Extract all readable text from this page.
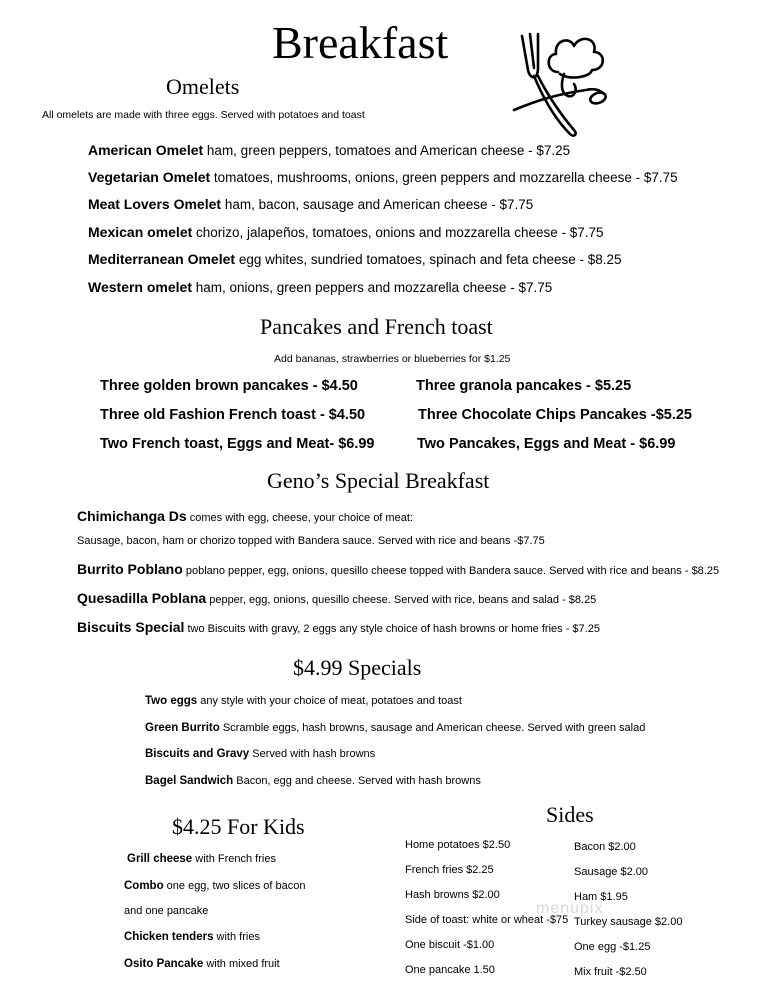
Breakfast
Omelets
All omelets are made with three eggs. Served with potatoes and toast
American Omelet ham, green peppers, tomatoes and American cheese - $7.25
Vegetarian Omelet tomatoes, mushrooms, onions, green peppers and mozzarella cheese - $7.75
Meat Lovers Omelet ham, bacon, sausage and American cheese - $7.75
Mexican omelet chorizo, jalapeños, tomatoes, onions and mozzarella cheese - $7.75
Mediterranean Omelet egg whites, sundried tomatoes, spinach and feta cheese - $8.25
Western omelet ham, onions, green peppers and mozzarella cheese - $7.75
Pancakes and French toast
Add bananas, strawberries or blueberries for $1.25
Three golden brown pancakes - $4.50
Three old Fashion French toast - $4.50
Two French toast, Eggs and Meat- $6.99
Three granola pancakes - $5.25
Three Chocolate Chips Pancakes -$5.25
Two Pancakes, Eggs and Meat - $6.99
Geno’s Special Breakfast
Chimichanga Ds comes with egg, cheese, your choice of meat:
Sausage, bacon, ham or chorizo topped with Bandera sauce. Served with rice and beans -$7.75
Burrito Poblano poblano pepper, egg, onions, quesillo cheese topped with Bandera sauce. Served with rice and beans - $8.25
Quesadilla Poblana pepper, egg, onions, quesillo cheese. Served with rice, beans and salad - $8.25
Biscuits Special two Biscuits with gravy, 2 eggs any style choice of hash browns or home fries - $7.25
$4.99 Specials
Two eggs any style with your choice of meat, potatoes and toast
Green Burrito Scramble eggs, hash browns, sausage and American cheese. Served with green salad
Biscuits and Gravy Served with hash browns
Bagel Sandwich Bacon, egg and cheese. Served with hash browns
$4.25 For Kids
Grill cheese with French fries
Combo one egg, two slices of bacon
and one pancake
Chicken tenders with fries
Osito Pancake with mixed fruit
Sides
Home potatoes $2.50
French fries $2.25
Hash browns $2.00
Side of toast: white or wheat -$75
One biscuit -$1.00
One pancake 1.50
Bacon $2.00
Sausage $2.00
Ham $1.95
Turkey sausage $2.00
One egg -$1.25
Mix fruit -$2.50
menupix
